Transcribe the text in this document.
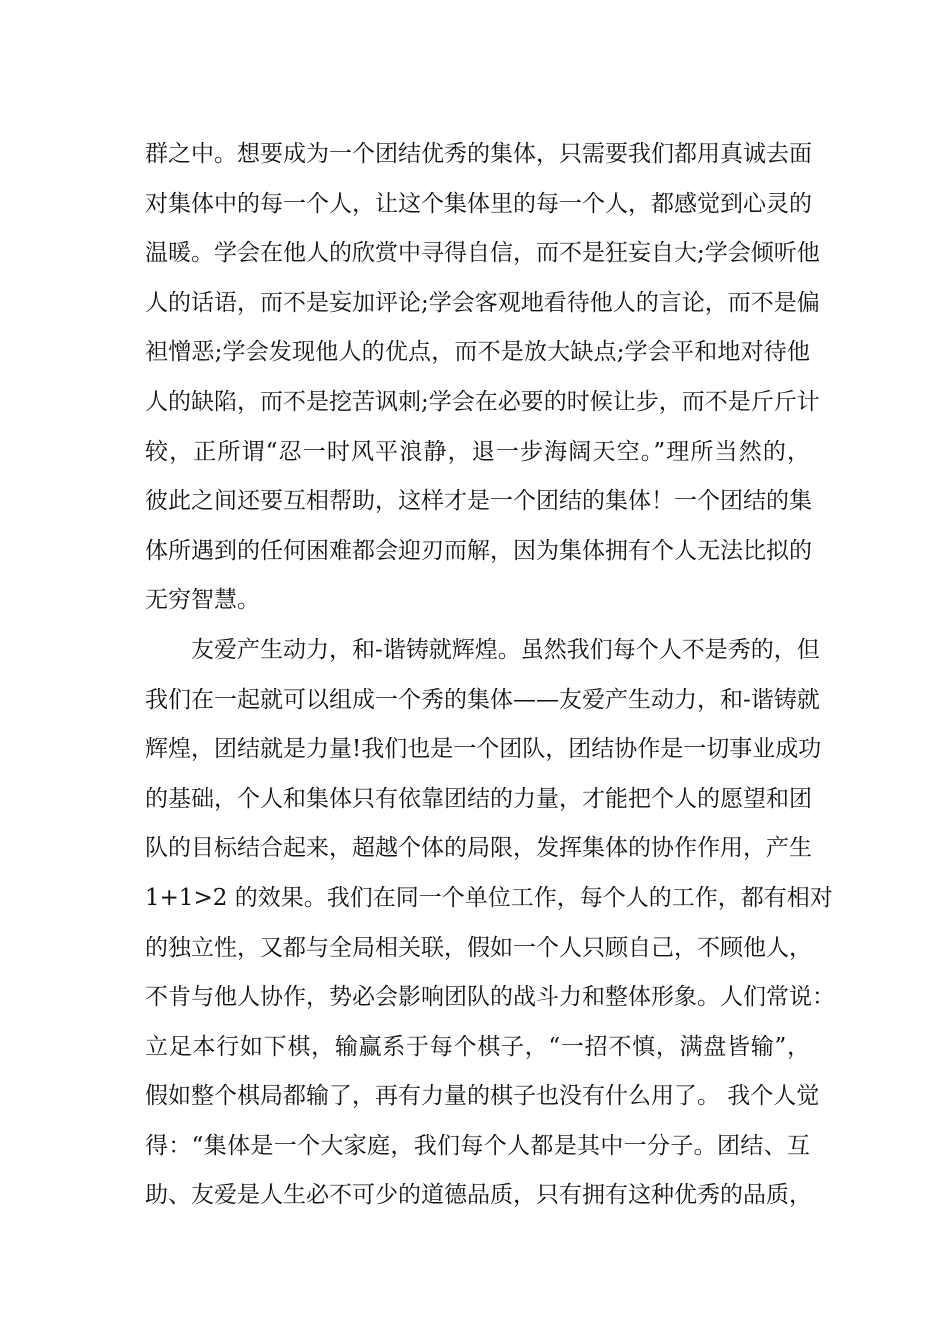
群之中。想要成为一个团结优秀的集体，只需要我们都用真诚去面
对集体中的每一个人，让这个集体里的每一个人，都感觉到心灵的
温暖。学会在他人的欣赏中寻得自信，而不是狂妄自大;学会倾听他
人的话语，而不是妄加评论;学会客观地看待他人的言论，而不是偏
袒憎恶;学会发现他人的优点，而不是放大缺点;学会平和地对待他
人的缺陷，而不是挖苦讽刺;学会在必要的时候让步，而不是斤斤计
较，正所谓“忍一时风平浪静，退一步海阔天空。”理所当然的，
彼此之间还要互相帮助，这样才是一个团结的集体！一个团结的集
体所遇到的任何困难都会迎刃而解，因为集体拥有个人无法比拟的
无穷智慧。
友爱产生动力，和-谐铸就辉煌。虽然我们每个人不是秀的，但
我们在一起就可以组成一个秀的集体——友爱产生动力，和-谐铸就
辉煌，团结就是力量!我们也是一个团队，团结协作是一切事业成功
的基础，个人和集体只有依靠团结的力量，才能把个人的愿望和团
队的目标结合起来，超越个体的局限，发挥集体的协作作用，产生
1+1>2 的效果。我们在同一个单位工作，每个人的工作，都有相对
的独立性，又都与全局相关联，假如一个人只顾自己，不顾他人，
不肯与他人协作，势必会影响团队的战斗力和整体形象。人们常说：
立足本行如下棋，输赢系于每个棋子，“一招不慎，满盘皆输”，
假如整个棋局都输了，再有力量的棋子也没有什么用了。 我个人觉
得：“集体是一个大家庭，我们每个人都是其中一分子。团结、互
助、友爱是人生必不可少的道德品质，只有拥有这种优秀的品质，
